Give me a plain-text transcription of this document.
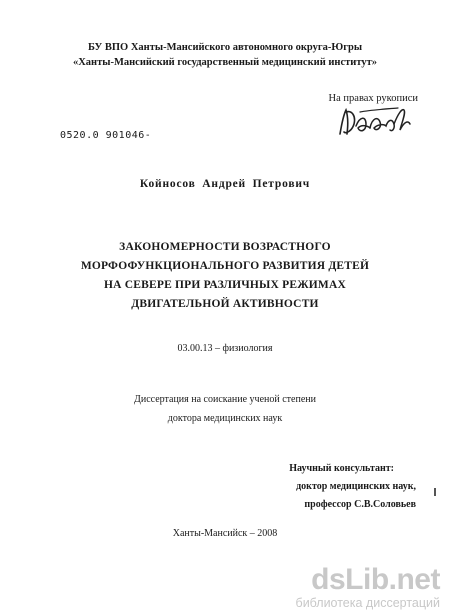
БУ ВПО Ханты-Мансийского автономного округа-Югры
«Ханты-Мансийский государственный медицинский институт»
На правах рукописи
0520.0 901046-
Койносов Андрей Петрович
ЗАКОНОМЕРНОСТИ ВОЗРАСТНОГО
МОРФОФУНКЦИОНАЛЬНОГО РАЗВИТИЯ ДЕТЕЙ
НА СЕВЕРЕ ПРИ РАЗЛИЧНЫХ РЕЖИМАХ
ДВИГАТЕЛЬНОЙ АКТИВНОСТИ
03.00.13 – физиология
Диссертация на соискание ученой степени
доктора медицинских наук
Научный консультант:
доктор медицинских наук,
профессор С.В.Соловьев
Ханты-Мансийск – 2008
dsLib.net
библиотека диссертаций
